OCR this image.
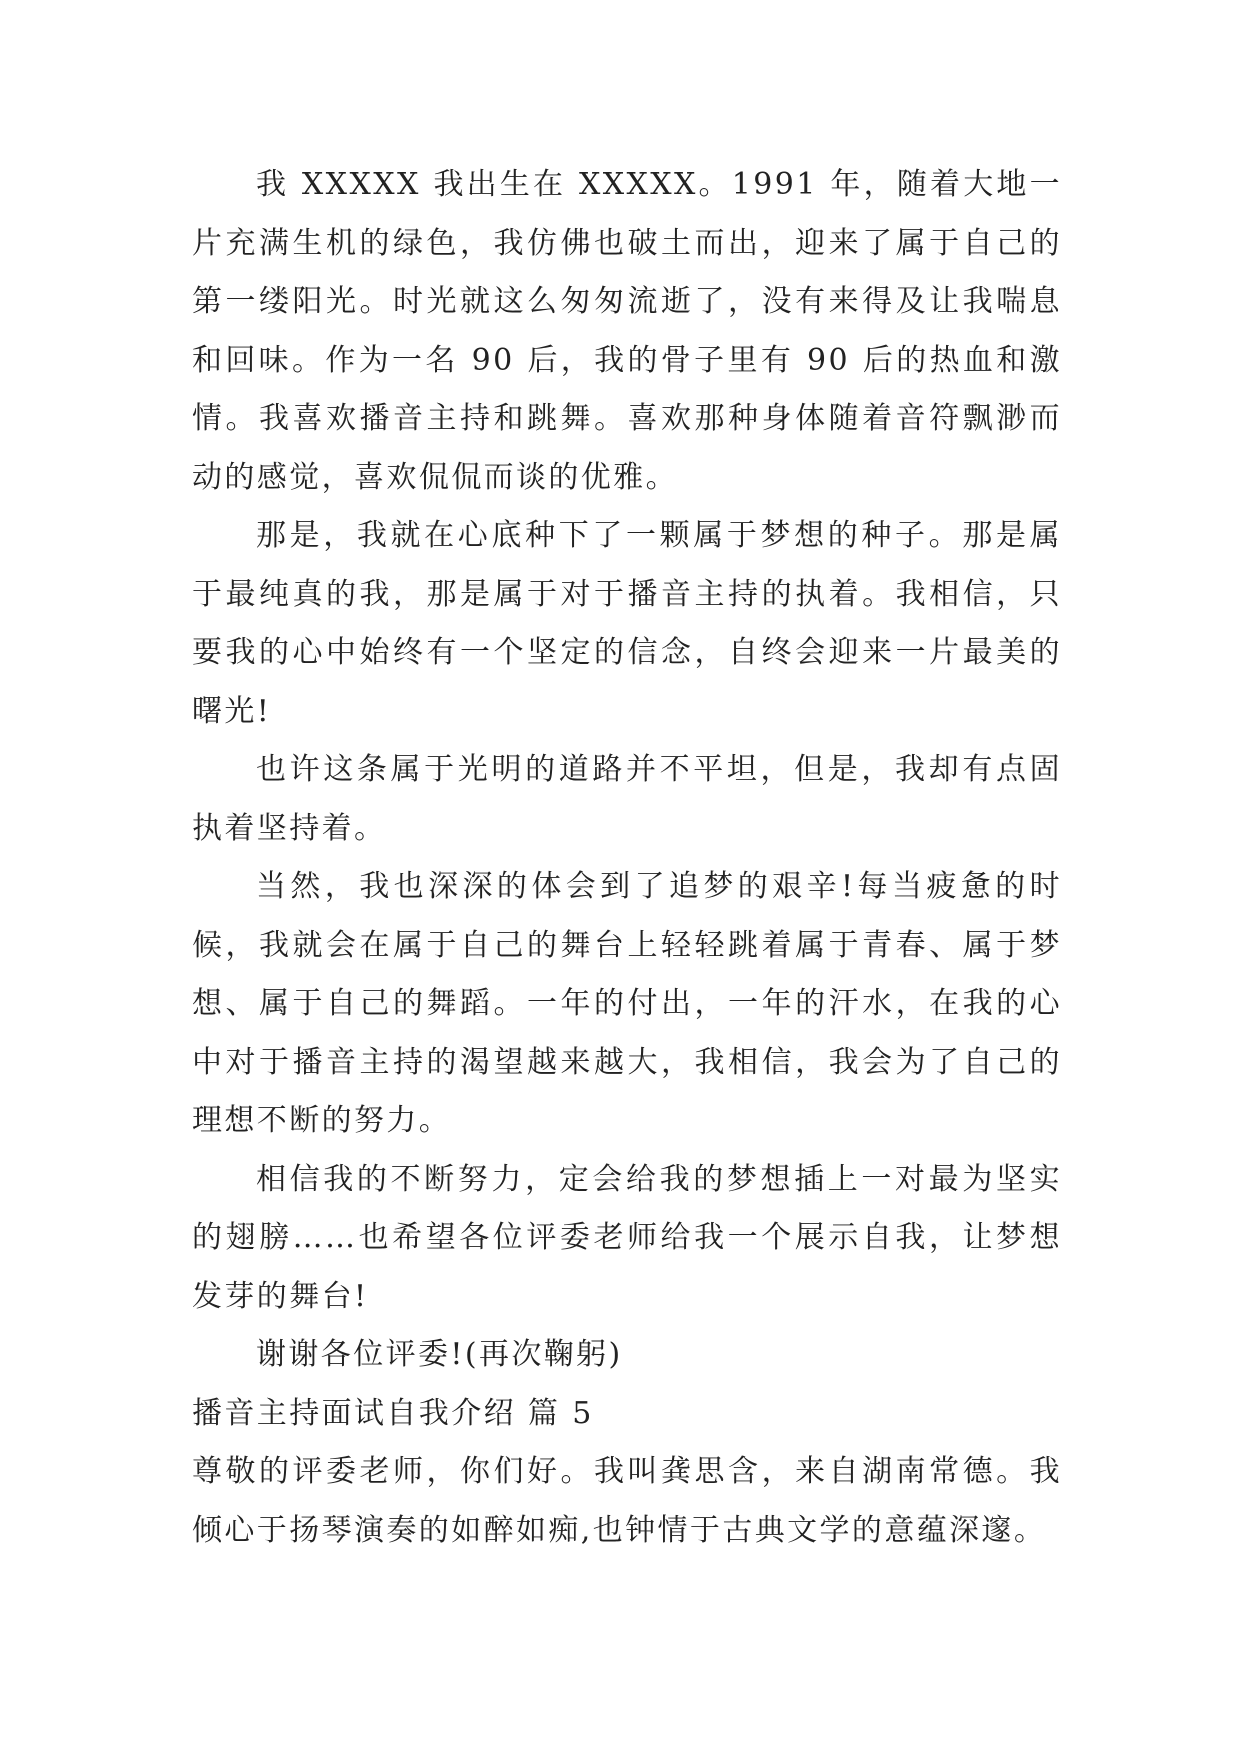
我 XXXXX 我出生在 XXXXX。1991 年，随着大地一片充满生机的绿色，我仿佛也破土而出，迎来了属于自己的第一缕阳光。时光就这么匆匆流逝了，没有来得及让我喘息和回味。作为一名 90 后，我的骨子里有 90 后的热血和激情。我喜欢播音主持和跳舞。喜欢那种身体随着音符飘渺而动的感觉，喜欢侃侃而谈的优雅。

那是，我就在心底种下了一颗属于梦想的种子。那是属于最纯真的我，那是属于对于播音主持的执着。我相信，只要我的心中始终有一个坚定的信念，自终会迎来一片最美的曙光!

也许这条属于光明的道路并不平坦，但是，我却有点固执着坚持着。

当然，我也深深的体会到了追梦的艰辛!每当疲惫的时候，我就会在属于自己的舞台上轻轻跳着属于青春、属于梦想、属于自己的舞蹈。一年的付出，一年的汗水，在我的心中对于播音主持的渴望越来越大，我相信，我会为了自己的理想不断的努力。

相信我的不断努力，定会给我的梦想插上一对最为坚实的翅膀……也希望各位评委老师给我一个展示自我，让梦想发芽的舞台!

谢谢各位评委!(再次鞠躬)

播音主持面试自我介绍 篇 5

尊敬的评委老师，你们好。我叫龚思含，来自湖南常德。我倾心于扬琴演奏的如醉如痴,也钟情于古典文学的意蕴深邃。
